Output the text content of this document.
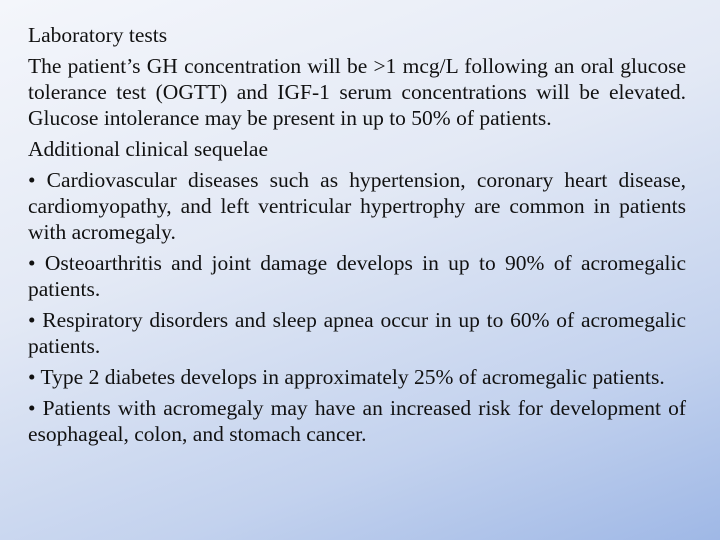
Laboratory tests

The patient’s GH concentration will be >1 mcg/L following an oral glucose tolerance test (OGTT) and IGF-1 serum concentrations will be elevated. Glucose intolerance may be present in up to 50% of patients.

Additional clinical sequelae

• Cardiovascular diseases such as hypertension, coronary heart disease, cardiomyopathy, and left ventricular hypertrophy are common in patients with acromegaly.

• Osteoarthritis and joint damage develops in up to 90% of acromegalic patients.

• Respiratory disorders and sleep apnea occur in up to 60% of acromegalic patients.

• Type 2 diabetes develops in approximately 25% of acromegalic patients.

• Patients with acromegaly may have an increased risk for development of esophageal, colon, and stomach cancer.
